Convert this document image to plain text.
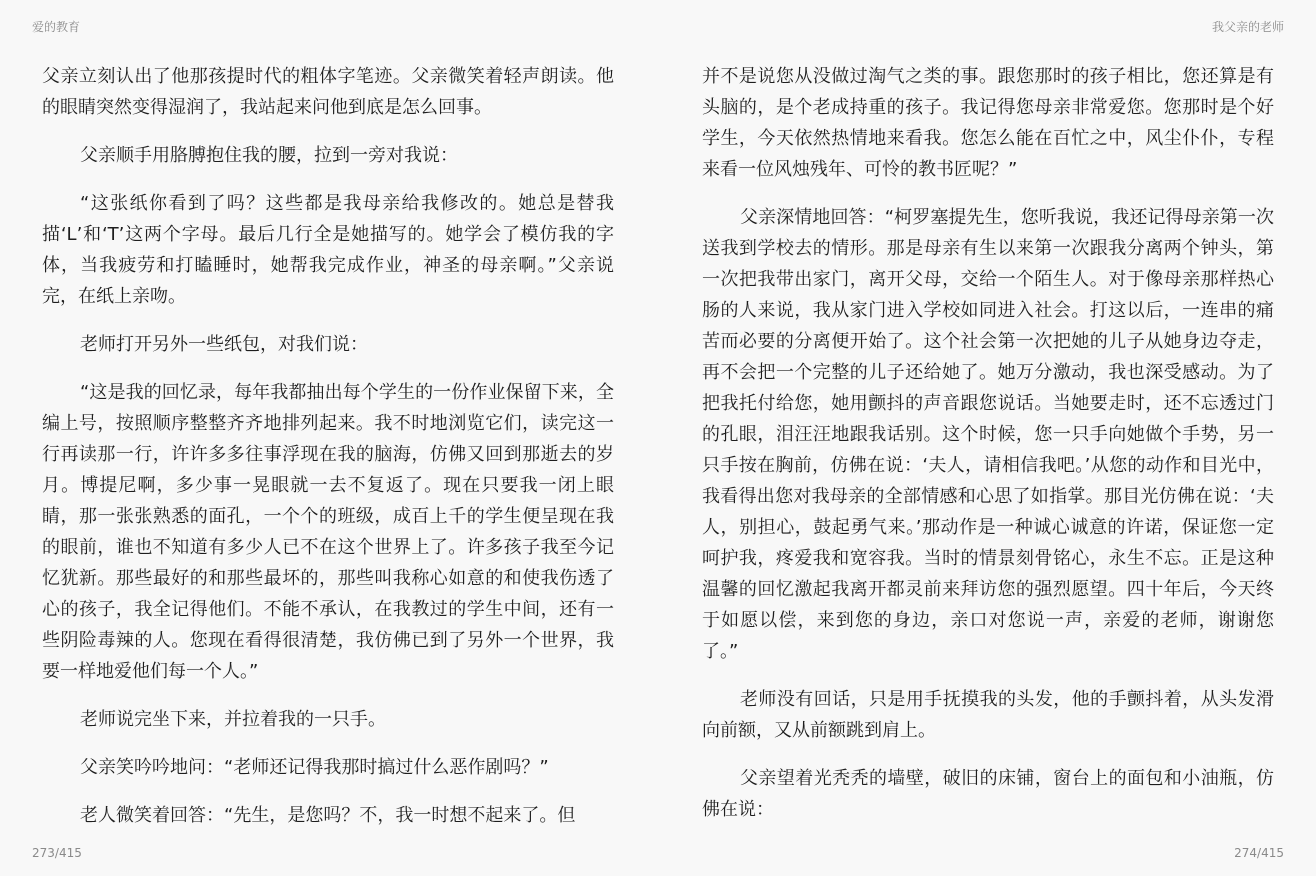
爱的教育	我父亲的老师

父亲立刻认出了他那孩提时代的粗体字笔迹。父亲微笑着轻声朗读。他的眼睛突然变得湿润了，我站起来问他到底是怎么回事。

父亲顺手用胳膊抱住我的腰，拉到一旁对我说：

“这张纸你看到了吗？这些都是我母亲给我修改的。她总是替我描‘L’和‘T’这两个字母。最后几行全是她描写的。她学会了模仿我的字体，当我疲劳和打瞌睡时，她帮我完成作业，神圣的母亲啊。”父亲说完，在纸上亲吻。

老师打开另外一些纸包，对我们说：

“这是我的回忆录，每年我都抽出每个学生的一份作业保留下来，全编上号，按照顺序整整齐齐地排列起来。我不时地浏览它们，读完这一行再读那一行，许许多多往事浮现在我的脑海，仿佛又回到那逝去的岁月。博提尼啊，多少事一晃眼就一去不复返了。现在只要我一闭上眼睛，那一张张熟悉的面孔，一个个的班级，成百上千的学生便呈现在我的眼前，谁也不知道有多少人已不在这个世界上了。许多孩子我至今记忆犹新。那些最好的和那些最坏的，那些叫我称心如意的和使我伤透了心的孩子，我全记得他们。不能不承认，在我教过的学生中间，还有一些阴险毒辣的人。您现在看得很清楚，我仿佛已到了另外一个世界，我要一样地爱他们每一个人。”

老师说完坐下来，并拉着我的一只手。

父亲笑吟吟地问：“老师还记得我那时搞过什么恶作剧吗？”

老人微笑着回答：“先生，是您吗？不，我一时想不起来了。但

并不是说您从没做过淘气之类的事。跟您那时的孩子相比，您还算是有头脑的，是个老成持重的孩子。我记得您母亲非常爱您。您那时是个好学生，今天依然热情地来看我。您怎么能在百忙之中，风尘仆仆，专程来看一位风烛残年、可怜的教书匠呢？”

父亲深情地回答：“柯罗塞提先生，您听我说，我还记得母亲第一次送我到学校去的情形。那是母亲有生以来第一次跟我分离两个钟头，第一次把我带出家门，离开父母，交给一个陌生人。对于像母亲那样热心肠的人来说，我从家门进入学校如同进入社会。打这以后，一连串的痛苦而必要的分离便开始了。这个社会第一次把她的儿子从她身边夺走，再不会把一个完整的儿子还给她了。她万分激动，我也深受感动。为了把我托付给您，她用颤抖的声音跟您说话。当她要走时，还不忘透过门的孔眼，泪汪汪地跟我话别。这个时候，您一只手向她做个手势，另一只手按在胸前，仿佛在说：‘夫人，请相信我吧。’从您的动作和目光中，我看得出您对我母亲的全部情感和心思了如指掌。那目光仿佛在说：‘夫人，别担心，鼓起勇气来。’那动作是一种诚心诚意的许诺，保证您一定呵护我，疼爱我和宽容我。当时的情景刻骨铭心，永生不忘。正是这种温馨的回忆激起我离开都灵前来拜访您的强烈愿望。四十年后，今天终于如愿以偿，来到您的身边，亲口对您说一声，亲爱的老师，谢谢您了。”

老师没有回话，只是用手抚摸我的头发，他的手颤抖着，从头发滑向前额，又从前额跳到肩上。

父亲望着光秃秃的墙壁，破旧的床铺，窗台上的面包和小油瓶，仿佛在说：

273/415	274/415
